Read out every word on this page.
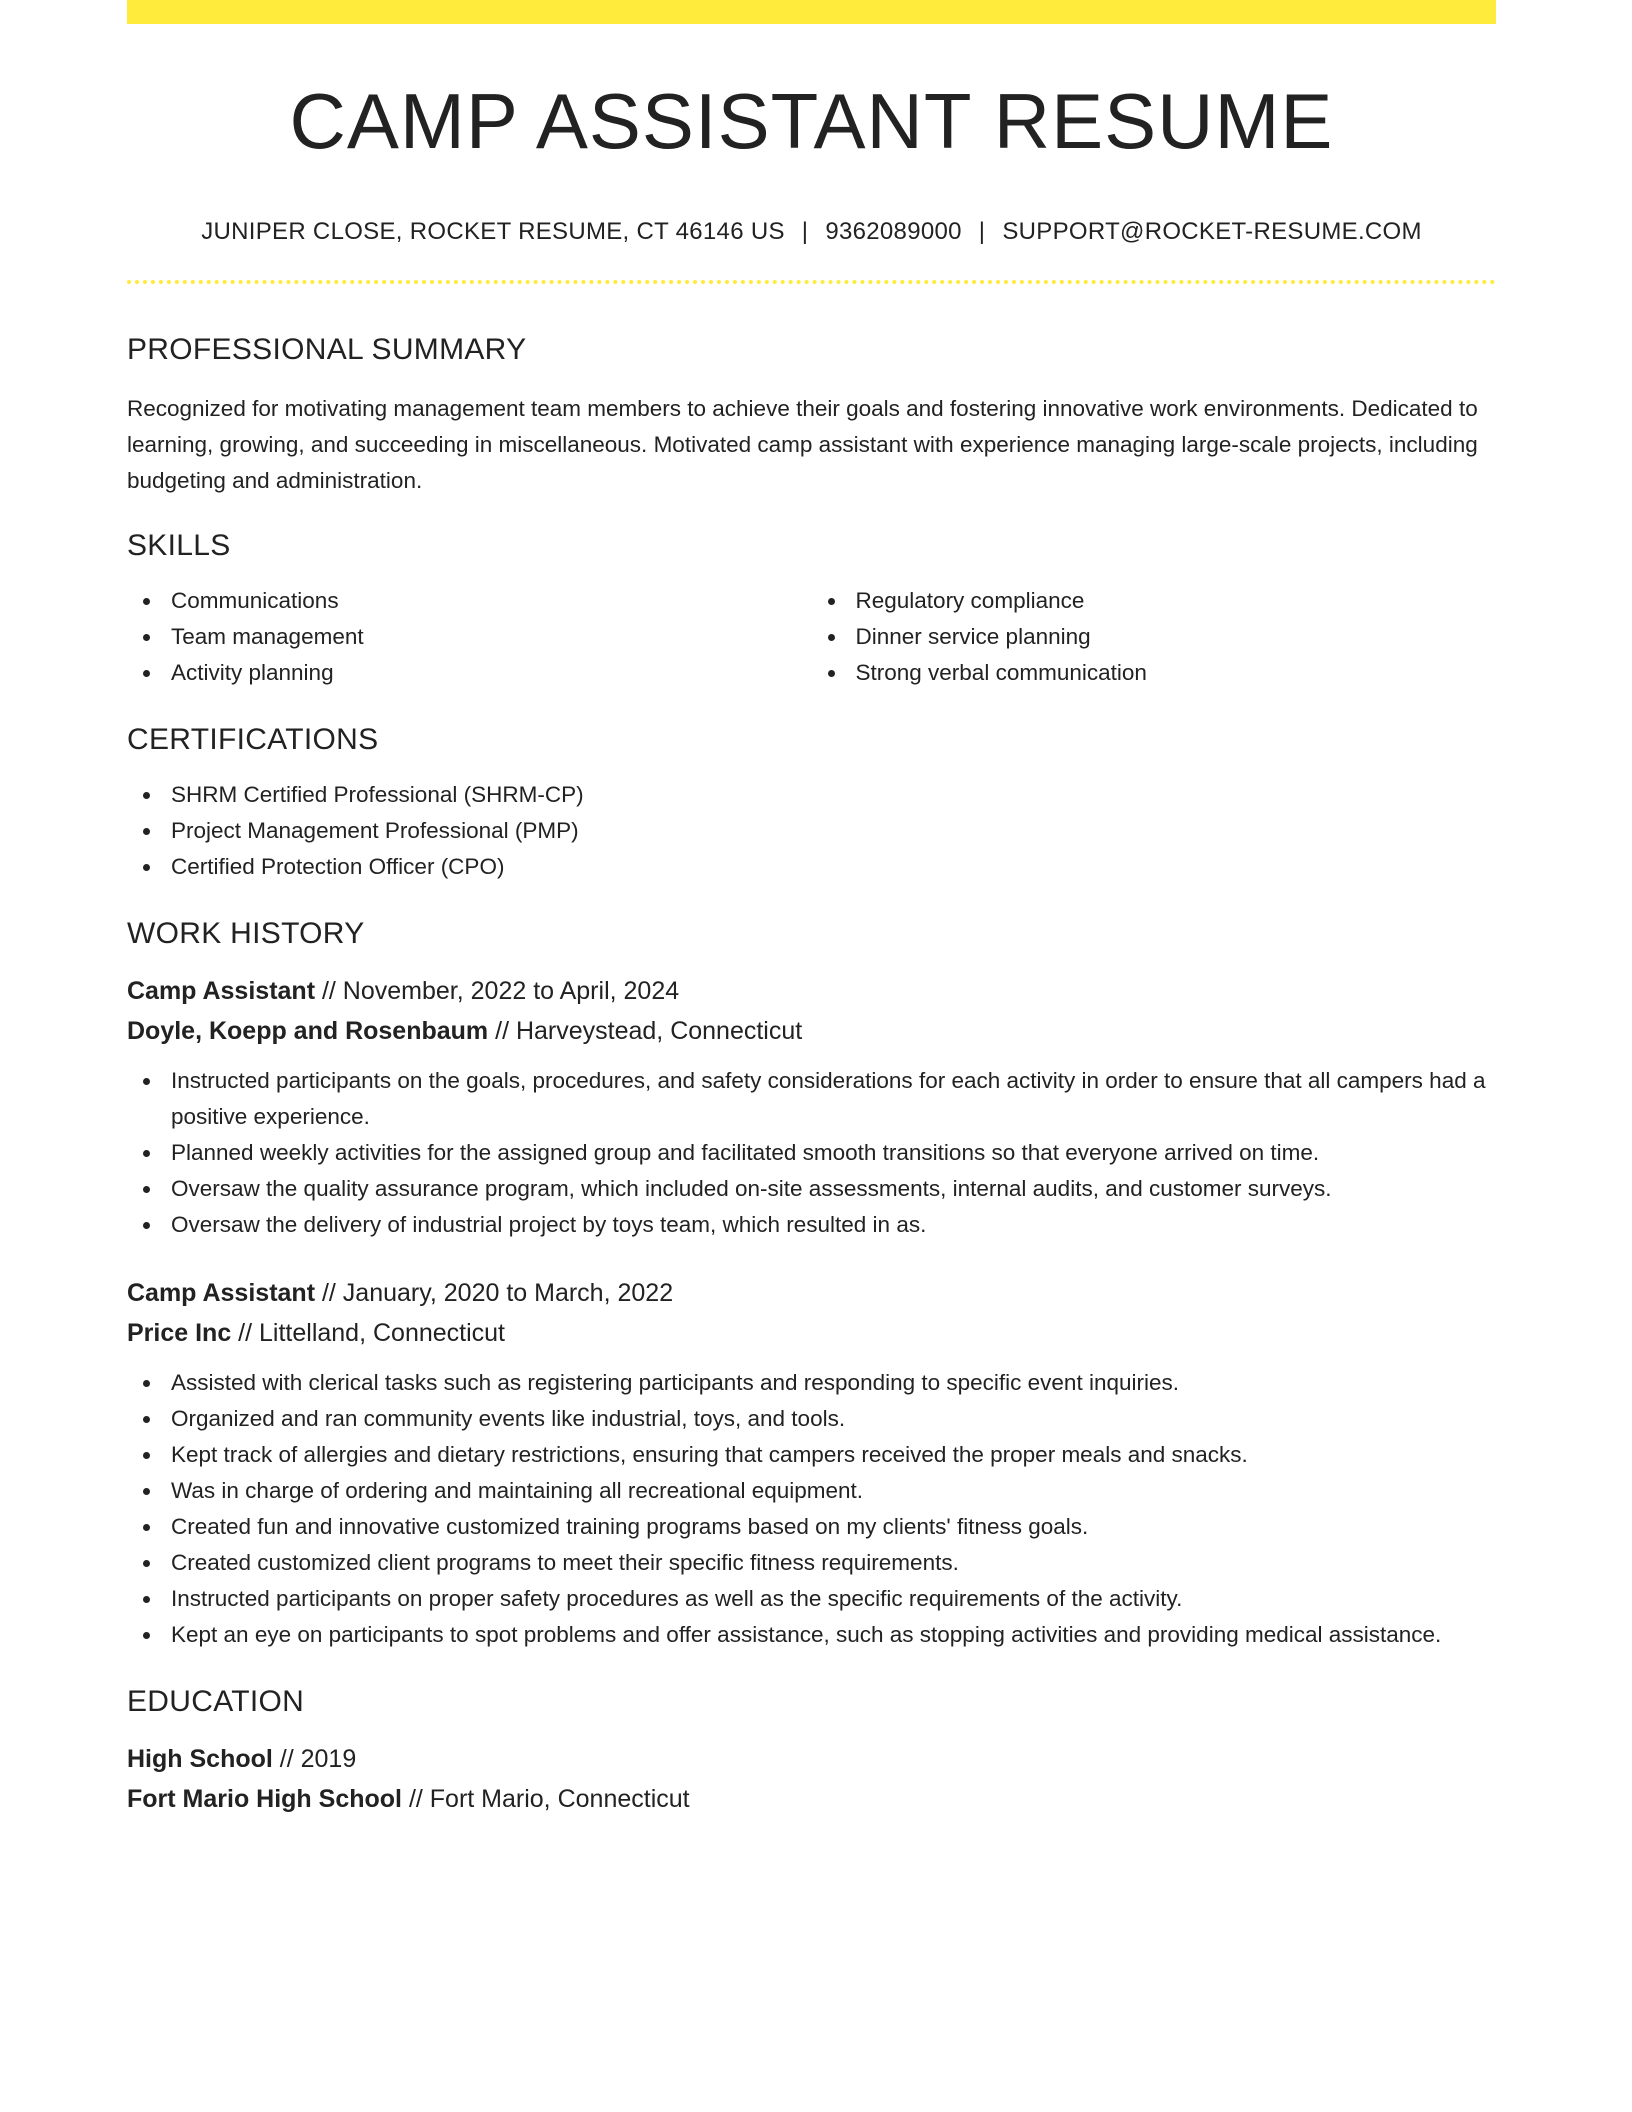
CAMP ASSISTANT RESUME
JUNIPER CLOSE, ROCKET RESUME, CT 46146 US | 9362089000 | SUPPORT@ROCKET-RESUME.COM
PROFESSIONAL SUMMARY

Recognized for motivating management team members to achieve their goals and fostering innovative work environments. Dedicated to learning, growing, and succeeding in miscellaneous. Motivated camp assistant with experience managing large-scale projects, including budgeting and administration.

SKILLS
Communications
Team management
Activity planning
Regulatory compliance
Dinner service planning
Strong verbal communication
CERTIFICATIONS
SHRM Certified Professional (SHRM-CP)
Project Management Professional (PMP)
Certified Protection Officer (CPO)
WORK HISTORY
Camp Assistant // November, 2022 to April, 2024
Doyle, Koepp and Rosenbaum // Harveystead, Connecticut
Instructed participants on the goals, procedures, and safety considerations for each activity in order to ensure that all campers had a positive experience.
Planned weekly activities for the assigned group and facilitated smooth transitions so that everyone arrived on time.
Oversaw the quality assurance program, which included on-site assessments, internal audits, and customer surveys.
Oversaw the delivery of industrial project by toys team, which resulted in as.
Camp Assistant // January, 2020 to March, 2022
Price Inc // Littelland, Connecticut
Assisted with clerical tasks such as registering participants and responding to specific event inquiries.
Organized and ran community events like industrial, toys, and tools.
Kept track of allergies and dietary restrictions, ensuring that campers received the proper meals and snacks.
Was in charge of ordering and maintaining all recreational equipment.
Created fun and innovative customized training programs based on my clients' fitness goals.
Created customized client programs to meet their specific fitness requirements.
Instructed participants on proper safety procedures as well as the specific requirements of the activity.
Kept an eye on participants to spot problems and offer assistance, such as stopping activities and providing medical assistance.
EDUCATION
High School // 2019
Fort Mario High School // Fort Mario, Connecticut
